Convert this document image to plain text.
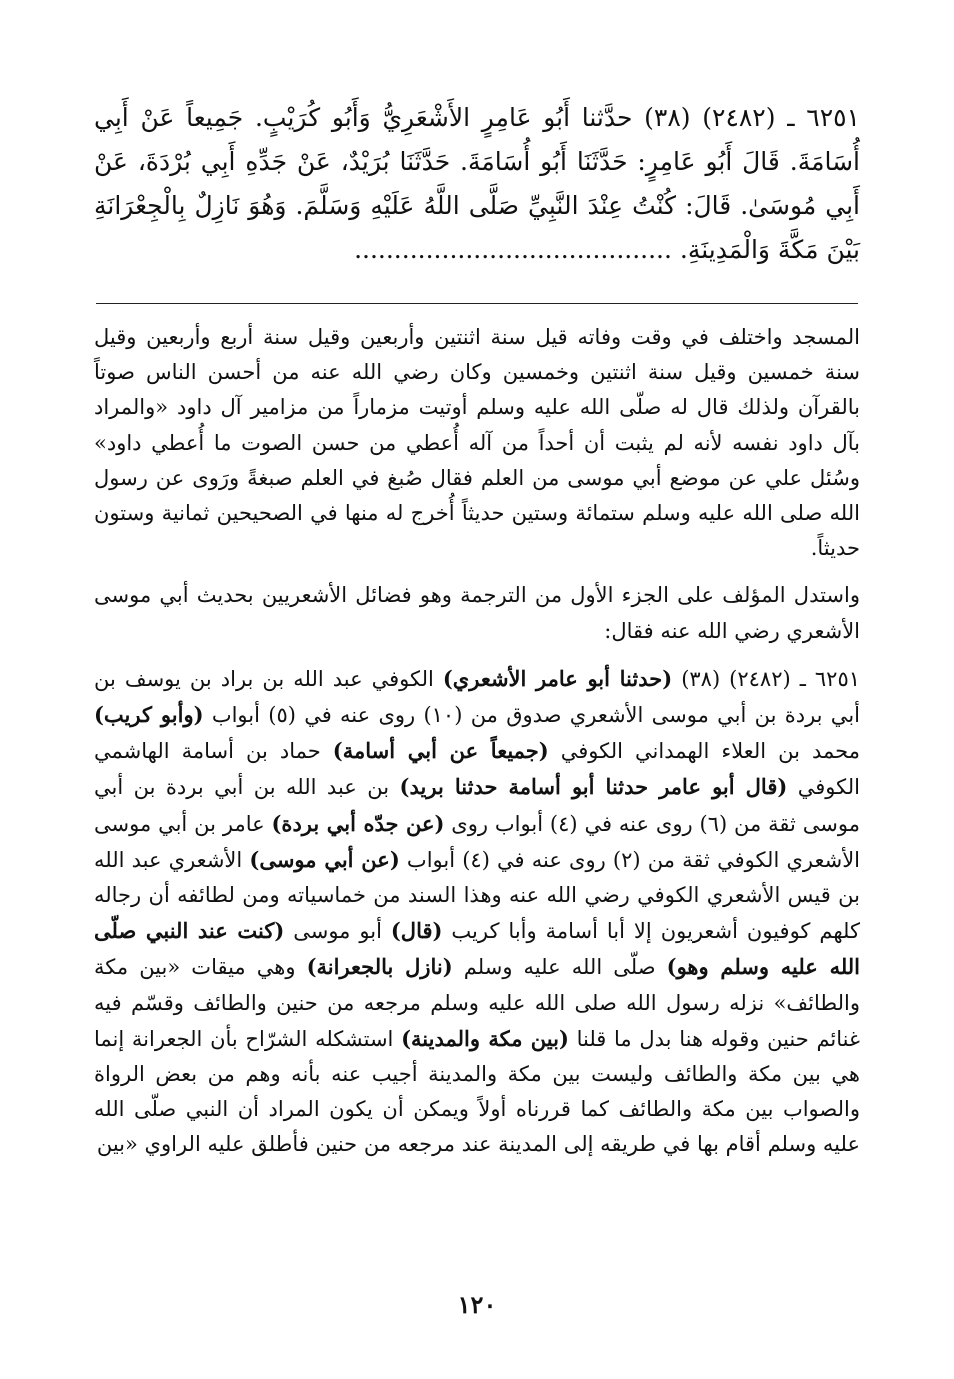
٦٢٥١ ـ (٢٤٨٢) (٣٨) حدَّثنا أَبُو عَامِرٍ الأَشْعَرِيُّ وَأَبُو كُرَيْبٍ. جَمِيعاً عَنْ أَبِي أُسَامَةَ. قَالَ أَبُو عَامِرٍ: حَدَّثَنَا أَبُو أُسَامَةَ. حَدَّثَنَا بُرَيْدٌ، عَنْ جَدِّهِ أَبِي بُرْدَةَ، عَنْ أَبِي مُوسَىٰ. قَالَ: كُنْتُ عِنْدَ النَّبِيِّ صَلَّى اللَّهُ عَلَيْهِ وَسَلَّمَ. وَهُوَ نَازِلٌ بِالْجِعْرَانَةِ بَيْنَ مَكَّةَ وَالْمَدِينَةِ. ........................................

المسجد واختلف في وقت وفاته قيل سنة اثنتين وأربعين وقيل سنة أربع وأربعين وقيل سنة خمسين وقيل سنة اثنتين وخمسين وكان رضي الله عنه من أحسن الناس صوتاً بالقرآن ولذلك قال له صلّى الله عليه وسلم أوتيت مزماراً من مزامير آل داود «والمراد بآل داود نفسه لأنه لم يثبت أن أحداً من آله أُعطي من حسن الصوت ما أُعطي داود» وسُئل علي عن موضع أبي موسى من العلم فقال صُبغ في العلم صبغةً ورَوى عن رسول الله صلى الله عليه وسلم ستمائة وستين حديثاً أُخرج له منها في الصحيحين ثمانية وستون حديثاً.

واستدل المؤلف على الجزء الأول من الترجمة وهو فضائل الأشعريين بحديث أبي موسى الأشعري رضي الله عنه فقال:

٦٢٥١ ـ (٢٤٨٢) (٣٨) (حدثنا أبو عامر الأشعري) الكوفي عبد الله بن براد بن يوسف بن أبي بردة بن أبي موسى الأشعري صدوق من (١٠) روى عنه في (٥) أبواب (وأبو كريب) محمد بن العلاء الهمداني الكوفي (جميعاً عن أبي أسامة) حماد بن أسامة الهاشمي الكوفي (قال أبو عامر حدثنا أبو أسامة حدثنا بريد) بن عبد الله بن أبي بردة بن أبي موسى ثقة من (٦) روى عنه في (٤) أبواب روى (عن جدّه أبي بردة) عامر بن أبي موسى الأشعري الكوفي ثقة من (٢) روى عنه في (٤) أبواب (عن أبي موسى) الأشعري عبد الله بن قيس الأشعري الكوفي رضي الله عنه وهذا السند من خماسياته ومن لطائفه أن رجاله كلهم كوفيون أشعريون إلا أبا أسامة وأبا كريب (قال) أبو موسى (كنت عند النبي صلّى الله عليه وسلم وهو) صلّى الله عليه وسلم (نازل بالجعرانة) وهي ميقات «بين مكة والطائف» نزله رسول الله صلى الله عليه وسلم مرجعه من حنين والطائف وقسّم فيه غنائم حنين وقوله هنا بدل ما قلنا (بين مكة والمدينة) استشكله الشرّاح بأن الجعرانة إنما هي بين مكة والطائف وليست بين مكة والمدينة أجيب عنه بأنه وهم من بعض الرواة والصواب بين مكة والطائف كما قررناه أولاً ويمكن أن يكون المراد أن النبي صلّى الله عليه وسلم أقام بها في طريقه إلى المدينة عند مرجعه من حنين فأطلق عليه الراوي «بين

١٢٠
